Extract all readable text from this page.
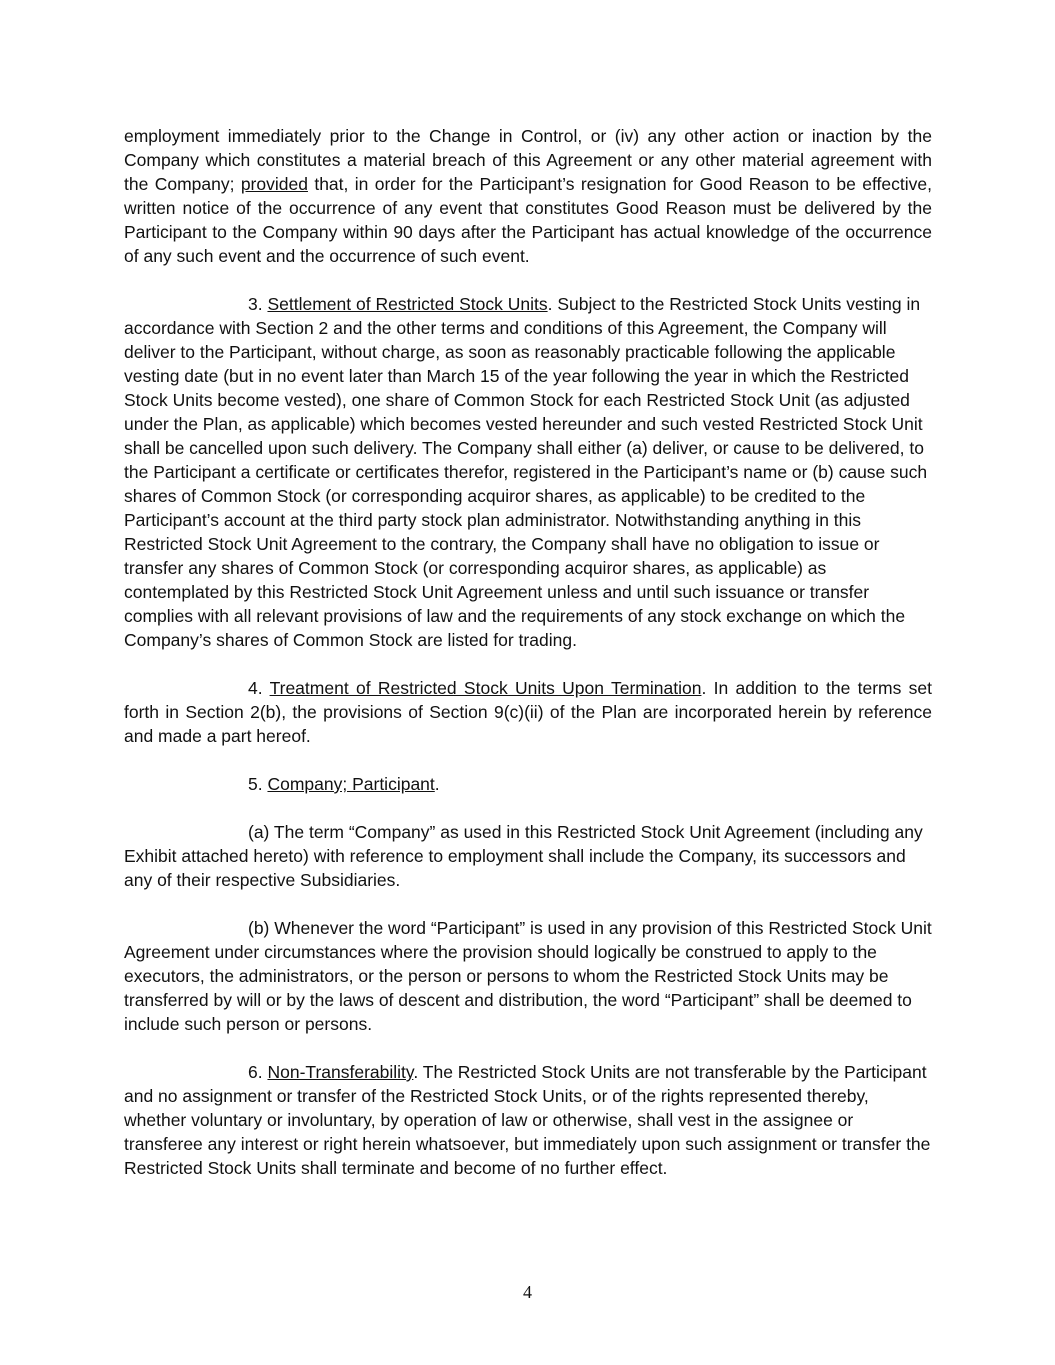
employment immediately prior to the Change in Control, or (iv) any other action or inaction by the Company which constitutes a material breach of this Agreement or any other material agreement with the Company; provided that, in order for the Participant’s resignation for Good Reason to be effective, written notice of the occurrence of any event that constitutes Good Reason must be delivered by the Participant to the Company within 90 days after the Participant has actual knowledge of the occurrence of any such event and the occurrence of such event.

3. Settlement of Restricted Stock Units. Subject to the Restricted Stock Units vesting in accordance with Section 2 and the other terms and conditions of this Agreement, the Company will deliver to the Participant, without charge, as soon as reasonably practicable following the applicable vesting date (but in no event later than March 15 of the year following the year in which the Restricted Stock Units become vested), one share of Common Stock for each Restricted Stock Unit (as adjusted under the Plan, as applicable) which becomes vested hereunder and such vested Restricted Stock Unit shall be cancelled upon such delivery. The Company shall either (a) deliver, or cause to be delivered, to the Participant a certificate or certificates therefor, registered in the Participant’s name or (b) cause such shares of Common Stock (or corresponding acquiror shares, as applicable) to be credited to the Participant’s account at the third party stock plan administrator. Notwithstanding anything in this Restricted Stock Unit Agreement to the contrary, the Company shall have no obligation to issue or transfer any shares of Common Stock (or corresponding acquiror shares, as applicable) as contemplated by this Restricted Stock Unit Agreement unless and until such issuance or transfer complies with all relevant provisions of law and the requirements of any stock exchange on which the Company’s shares of Common Stock are listed for trading.

4. Treatment of Restricted Stock Units Upon Termination. In addition to the terms set forth in Section 2(b), the provisions of Section 9(c)(ii) of the Plan are incorporated herein by reference and made a part hereof.

5. Company; Participant.

(a) The term “Company” as used in this Restricted Stock Unit Agreement (including any Exhibit attached hereto) with reference to employment shall include the Company, its successors and any of their respective Subsidiaries.

(b) Whenever the word “Participant” is used in any provision of this Restricted Stock Unit Agreement under circumstances where the provision should logically be construed to apply to the executors, the administrators, or the person or persons to whom the Restricted Stock Units may be transferred by will or by the laws of descent and distribution, the word “Participant” shall be deemed to include such person or persons.

6. Non-Transferability. The Restricted Stock Units are not transferable by the Participant and no assignment or transfer of the Restricted Stock Units, or of the rights represented thereby, whether voluntary or involuntary, by operation of law or otherwise, shall vest in the assignee or transferee any interest or right herein whatsoever, but immediately upon such assignment or transfer the Restricted Stock Units shall terminate and become of no further effect.

4
